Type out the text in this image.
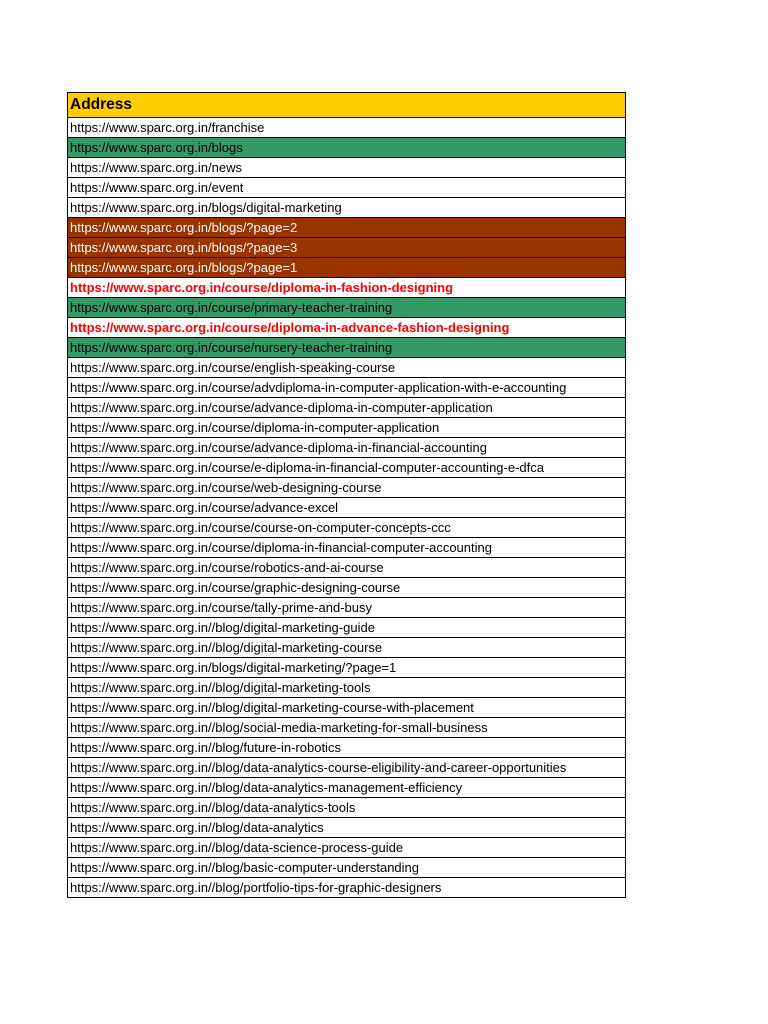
Address
https://www.sparc.org.in/franchise
https://www.sparc.org.in/blogs
https://www.sparc.org.in/news
https://www.sparc.org.in/event
https://www.sparc.org.in/blogs/digital-marketing
https://www.sparc.org.in/blogs/?page=2
https://www.sparc.org.in/blogs/?page=3
https://www.sparc.org.in/blogs/?page=1
https://www.sparc.org.in/course/diploma-in-fashion-designing
https://www.sparc.org.in/course/primary-teacher-training
https://www.sparc.org.in/course/diploma-in-advance-fashion-designing
https://www.sparc.org.in/course/nursery-teacher-training
https://www.sparc.org.in/course/english-speaking-course
https://www.sparc.org.in/course/advdiploma-in-computer-application-with-e-accounting
https://www.sparc.org.in/course/advance-diploma-in-computer-application
https://www.sparc.org.in/course/diploma-in-computer-application
https://www.sparc.org.in/course/advance-diploma-in-financial-accounting
https://www.sparc.org.in/course/e-diploma-in-financial-computer-accounting-e-dfca
https://www.sparc.org.in/course/web-designing-course
https://www.sparc.org.in/course/advance-excel
https://www.sparc.org.in/course/course-on-computer-concepts-ccc
https://www.sparc.org.in/course/diploma-in-financial-computer-accounting
https://www.sparc.org.in/course/robotics-and-ai-course
https://www.sparc.org.in/course/graphic-designing-course
https://www.sparc.org.in/course/tally-prime-and-busy
https://www.sparc.org.in//blog/digital-marketing-guide
https://www.sparc.org.in//blog/digital-marketing-course
https://www.sparc.org.in/blogs/digital-marketing/?page=1
https://www.sparc.org.in//blog/digital-marketing-tools
https://www.sparc.org.in//blog/digital-marketing-course-with-placement
https://www.sparc.org.in//blog/social-media-marketing-for-small-business
https://www.sparc.org.in//blog/future-in-robotics
https://www.sparc.org.in//blog/data-analytics-course-eligibility-and-career-opportunities
https://www.sparc.org.in//blog/data-analytics-management-efficiency
https://www.sparc.org.in//blog/data-analytics-tools
https://www.sparc.org.in//blog/data-analytics
https://www.sparc.org.in//blog/data-science-process-guide
https://www.sparc.org.in//blog/basic-computer-understanding
https://www.sparc.org.in//blog/portfolio-tips-for-graphic-designers
